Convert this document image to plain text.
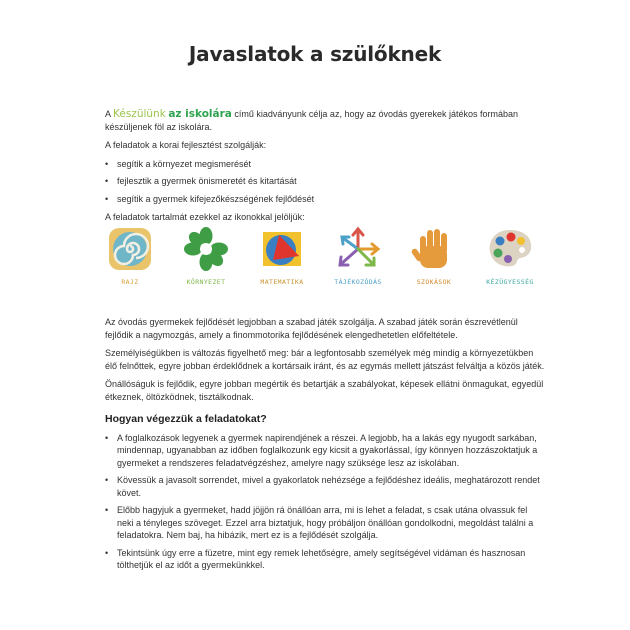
Javaslatok a szülőknek

A Készülünk az iskolára című kiadványunk célja az, hogy az óvodás gyerekek játékos formában készüljenek föl az iskolára.

A feladatok a korai fejlesztést szolgálják:

• segítik a környezet megismerését
• fejlesztik a gyermek önismeretét és kitartását
• segítik a gyermek kifejezőkészségének fejlődését

A feladatok tartalmát ezekkel az ikonokkal jelöljük:

RAJZ	KÖRNYEZET	MATEMATIKA	TÁJÉKOZÓDÁS	SZOKÁSOK	KÉZÜGYESSÉG

Az óvodás gyermekek fejlődését legjobban a szabad játék szolgálja. A szabad játék során észrevétlenül fejlődik a nagymozgás, amely a finommotorika fejlődésének elengedhetetlen előfeltétele.

Személyiségükben is változás figyelhető meg: bár a legfontosabb személyek még mindig a környezetükben élő felnőttek, egyre jobban érdeklődnek a kortársaik iránt, és az egymás mellett játszást felváltja a közös játék.

Önállóságuk is fejlődik, egyre jobban megértik és betartják a szabályokat, képesek ellátni önmagukat, egyedül étkeznek, öltözködnek, tisztálkodnak.

Hogyan végezzük a feladatokat?
• A foglalkozások legyenek a gyermek napirendjének a részei. A legjobb, ha a lakás egy nyugodt sarkában, mindennap, ugyanabban az időben foglalkozunk egy kicsit a gyakorlással, így könnyen hozzászoktatjuk a gyermeket a rendszeres feladatvégzéshez, amelyre nagy szüksége lesz az iskolában.
• Kövessük a javasolt sorrendet, mivel a gyakorlatok nehézsége a fejlődéshez ideális, meghatározott rendet követ.
• Előbb hagyjuk a gyermeket, hadd jöjjön rá önállóan arra, mi is lehet a feladat, s csak utána olvassuk fel neki a tényleges szöveget. Ezzel arra biztatjuk, hogy próbáljon önállóan gondolkodni, megoldást találni a feladatokra. Nem baj, ha hibázik, mert ez is a fejlődését szolgálja.
• Tekintsünk úgy erre a füzetre, mint egy remek lehetőségre, amely segítségével vidáman és hasznosan tölthetjük el az időt a gyermekünkkel.
